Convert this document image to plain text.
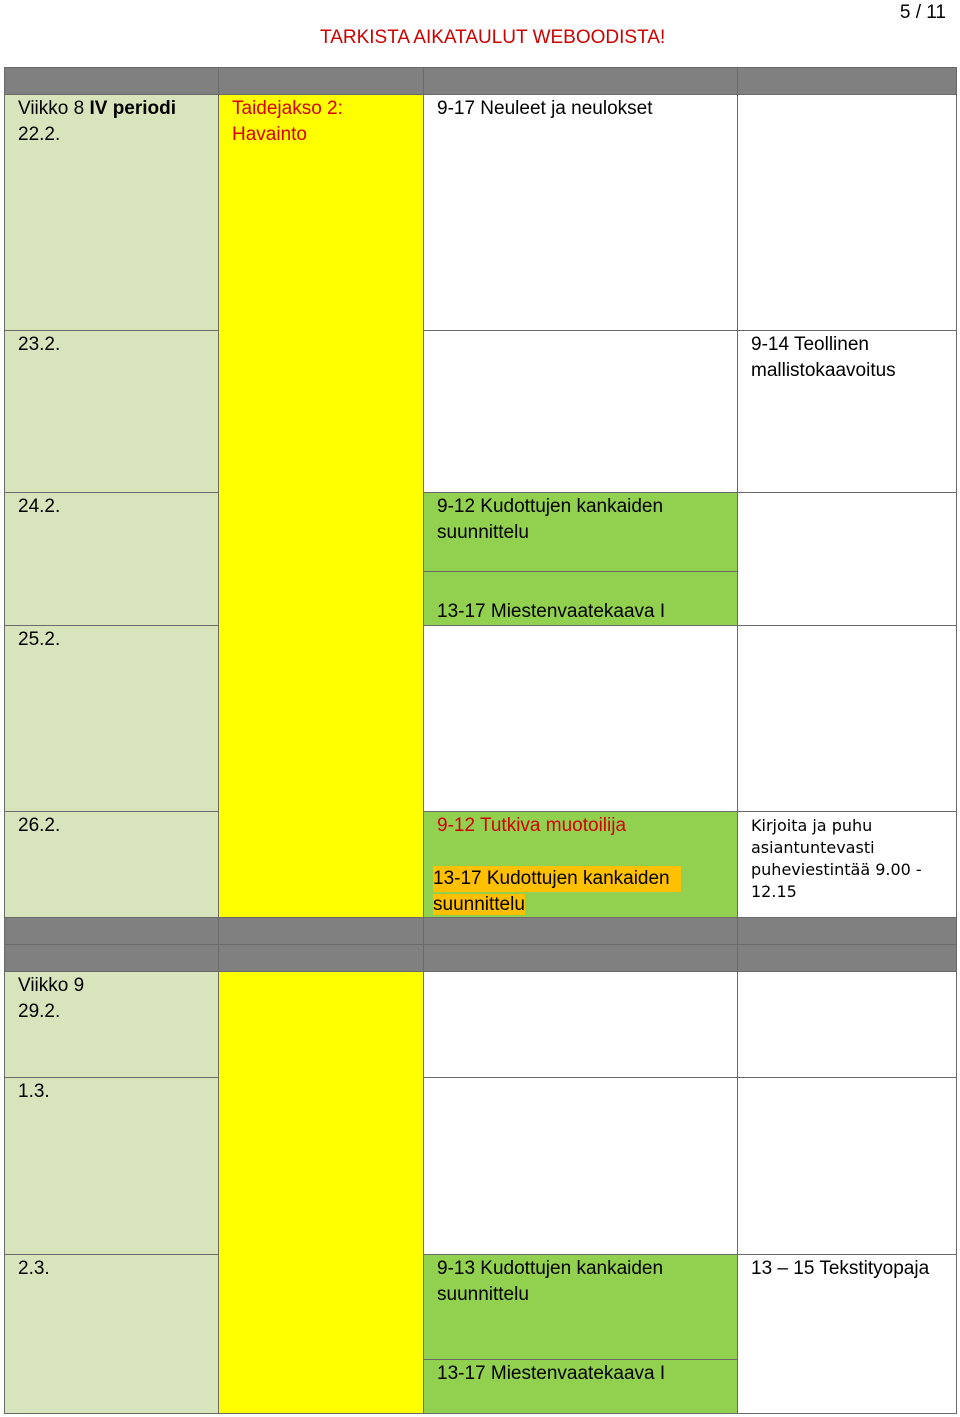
5 / 11
TARKISTA AIKATAULUT WEBOODISTA!
Viikko 8 IV periodi
22.2.
23.2.
24.2.
25.2.
26.2.
Taidejakso 2: Havainto
9-17 Neuleet ja neulokset
9-12 Kudottujen kankaiden suunnittelu
13-17 Miestenvaatekaava I
9-12 Tutkiva muotoilija
13-17 Kudottujen kankaiden
suunnittelu
9-14 Teollinen mallistokaavoitus
Kirjoita ja puhu asiantuntevasti puheviestintää 9.00 - 12.15
Viikko 9
29.2.
1.3.
2.3.	9-13 Kudottujen kankaiden suunnittelu
13-17 Miestenvaatekaava I
13 – 15 Tekstityopaja
